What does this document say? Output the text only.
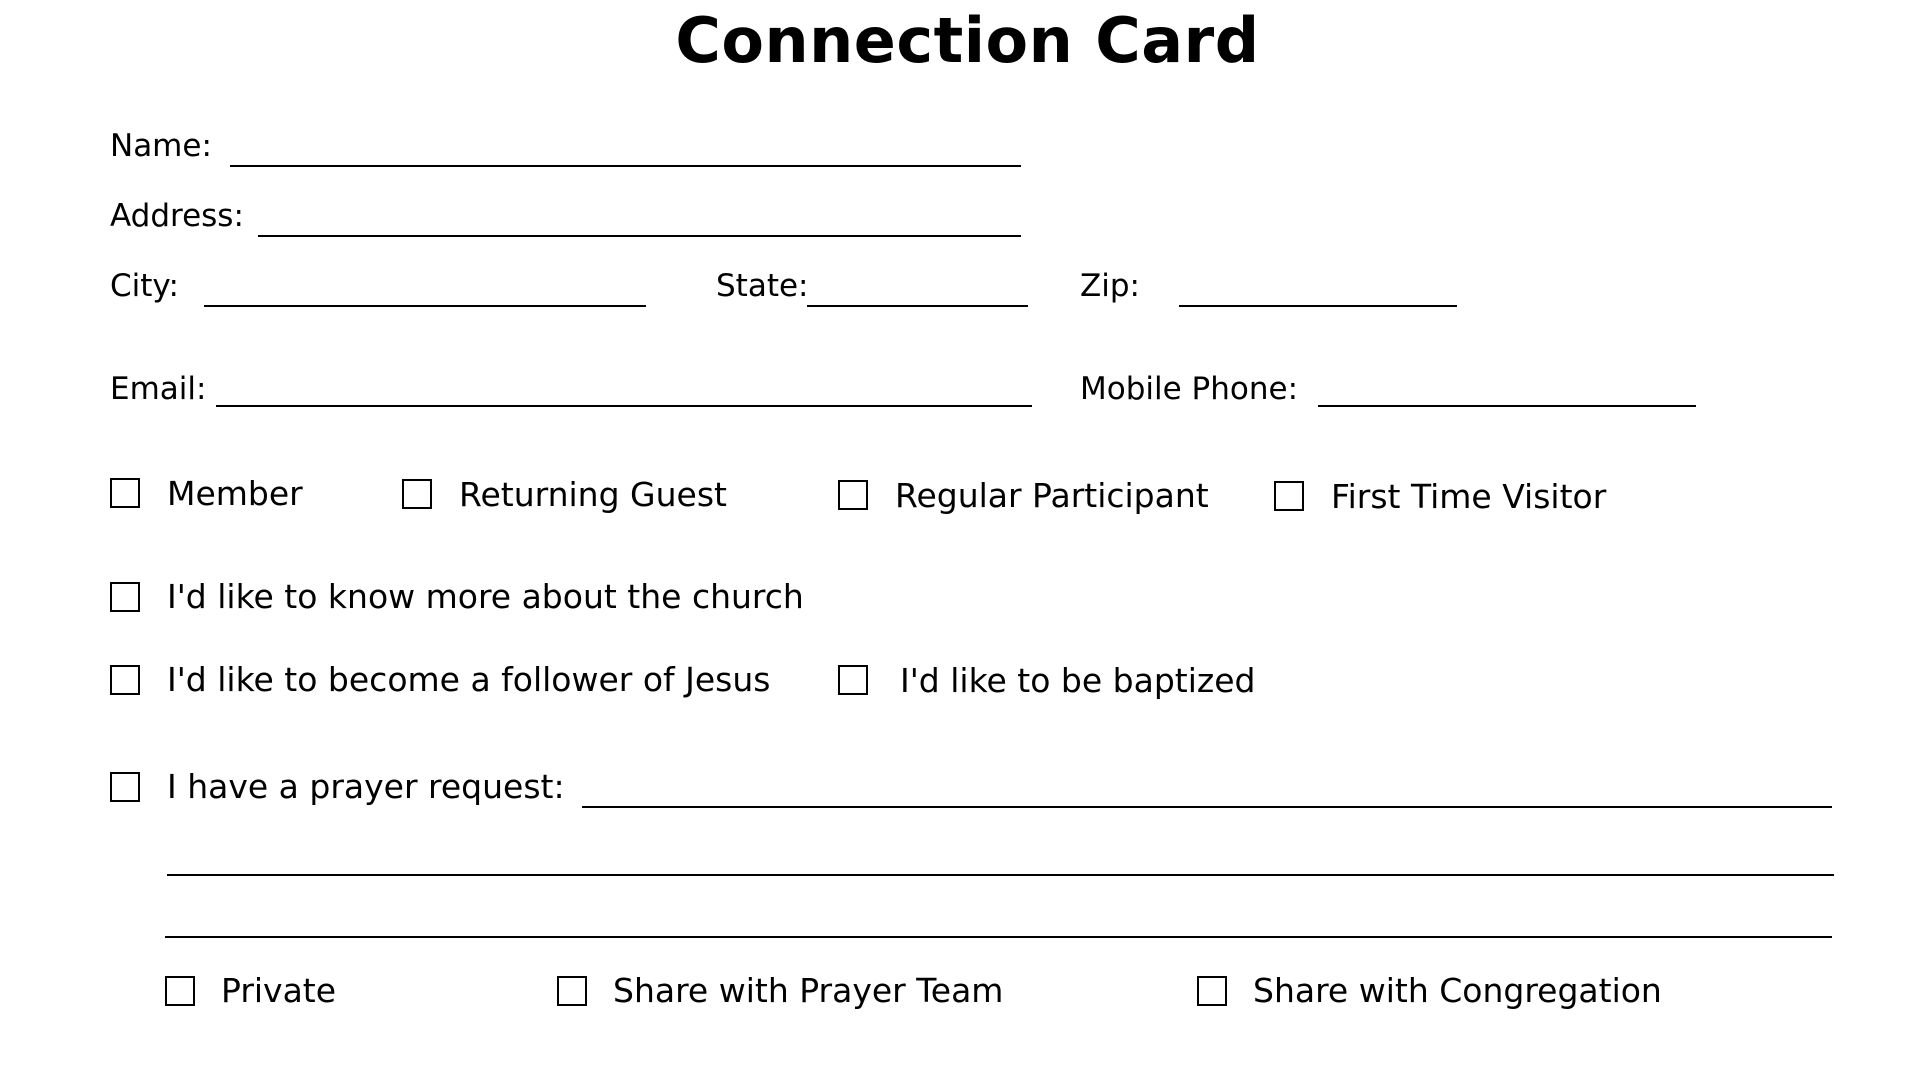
Connection Card
Name:
Address:
City:	State:	Zip:
Email:	Mobile Phone:
Member	Returning Guest	Regular Participant	First Time Visitor
I'd like to know more about the church
I'd like to become a follower of Jesus	I'd like to be baptized
I have a prayer request:
Private	Share with Prayer Team	Share with Congregation
